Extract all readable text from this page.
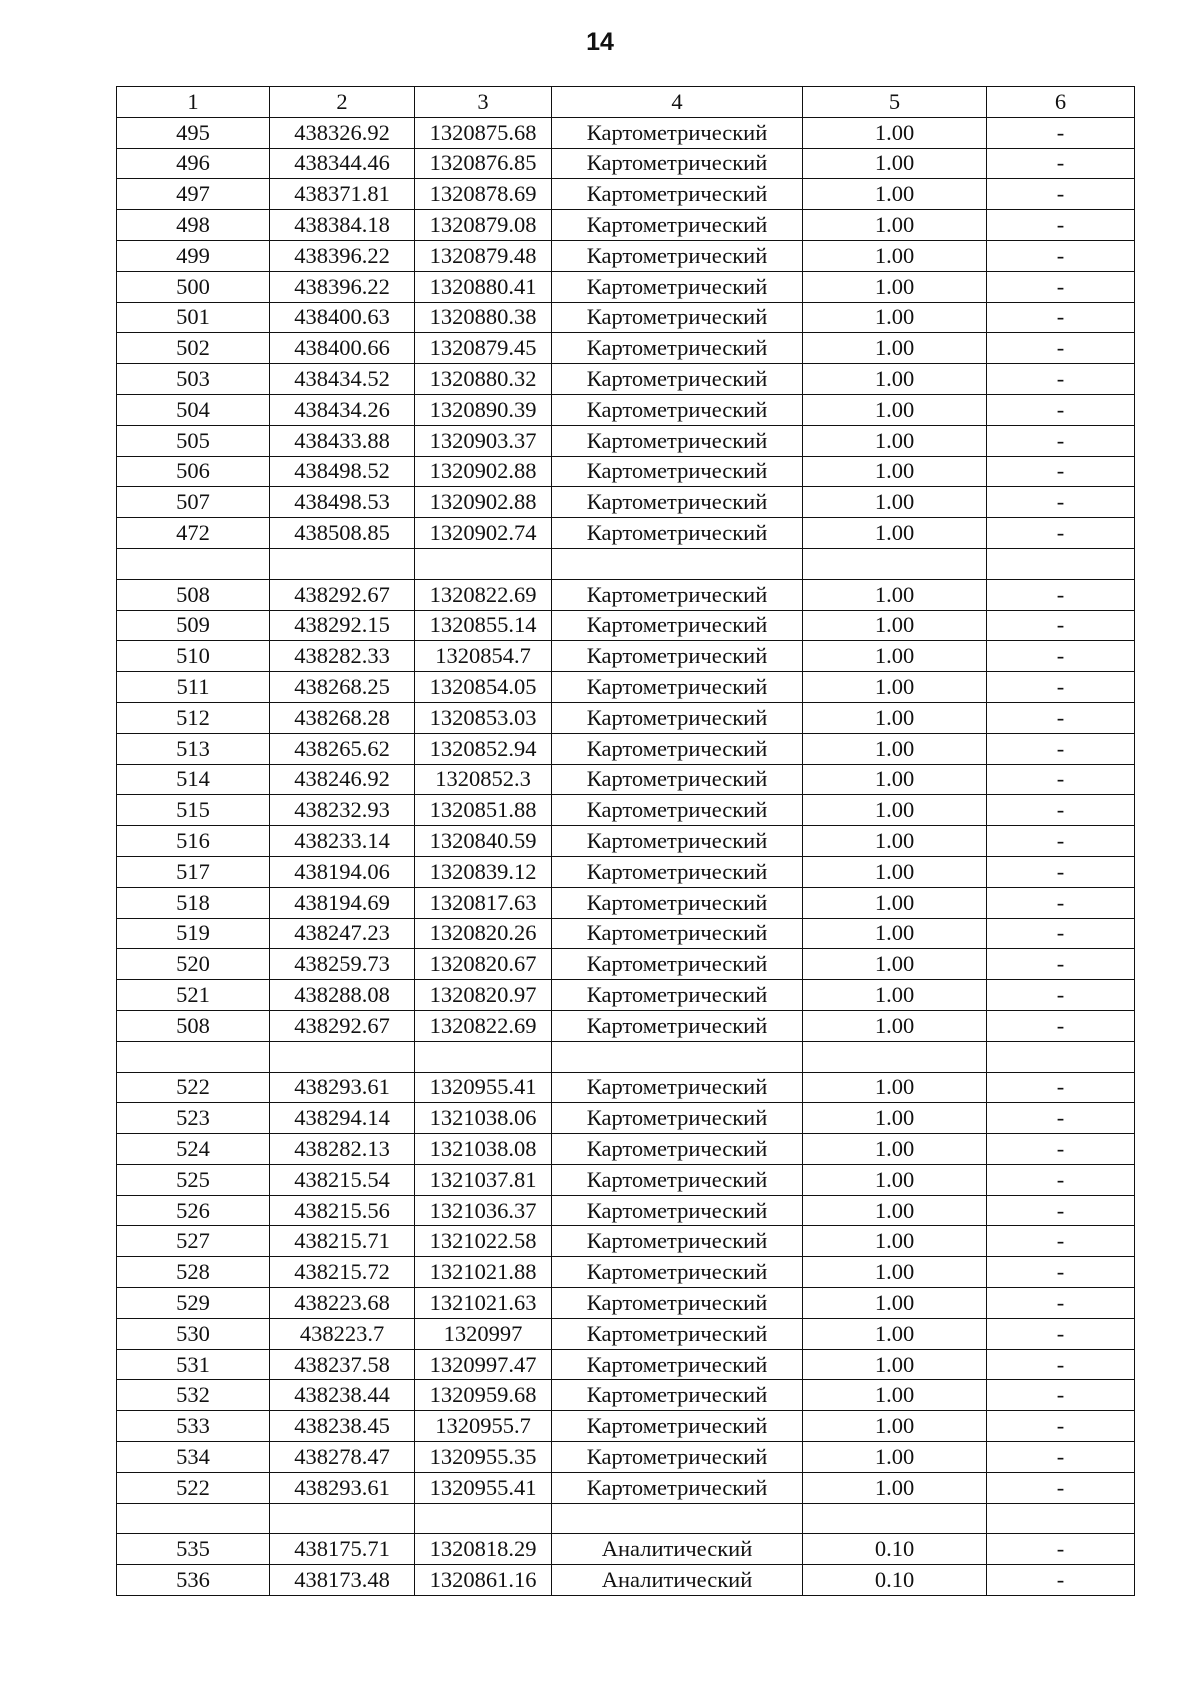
14
1	2	3	4	5	6
495	438326.92	1320875.68	Картометрический	1.00	-
496	438344.46	1320876.85	Картометрический	1.00	-
497	438371.81	1320878.69	Картометрический	1.00	-
498	438384.18	1320879.08	Картометрический	1.00	-
499	438396.22	1320879.48	Картометрический	1.00	-
500	438396.22	1320880.41	Картометрический	1.00	-
501	438400.63	1320880.38	Картометрический	1.00	-
502	438400.66	1320879.45	Картометрический	1.00	-
503	438434.52	1320880.32	Картометрический	1.00	-
504	438434.26	1320890.39	Картометрический	1.00	-
505	438433.88	1320903.37	Картометрический	1.00	-
506	438498.52	1320902.88	Картометрический	1.00	-
507	438498.53	1320902.88	Картометрический	1.00	-
472	438508.85	1320902.74	Картометрический	1.00	-

508	438292.67	1320822.69	Картометрический	1.00	-
509	438292.15	1320855.14	Картометрический	1.00	-
510	438282.33	1320854.7	Картометрический	1.00	-
511	438268.25	1320854.05	Картометрический	1.00	-
512	438268.28	1320853.03	Картометрический	1.00	-
513	438265.62	1320852.94	Картометрический	1.00	-
514	438246.92	1320852.3	Картометрический	1.00	-
515	438232.93	1320851.88	Картометрический	1.00	-
516	438233.14	1320840.59	Картометрический	1.00	-
517	438194.06	1320839.12	Картометрический	1.00	-
518	438194.69	1320817.63	Картометрический	1.00	-
519	438247.23	1320820.26	Картометрический	1.00	-
520	438259.73	1320820.67	Картометрический	1.00	-
521	438288.08	1320820.97	Картометрический	1.00	-
508	438292.67	1320822.69	Картометрический	1.00	-

522	438293.61	1320955.41	Картометрический	1.00	-
523	438294.14	1321038.06	Картометрический	1.00	-
524	438282.13	1321038.08	Картометрический	1.00	-
525	438215.54	1321037.81	Картометрический	1.00	-
526	438215.56	1321036.37	Картометрический	1.00	-
527	438215.71	1321022.58	Картометрический	1.00	-
528	438215.72	1321021.88	Картометрический	1.00	-
529	438223.68	1321021.63	Картометрический	1.00	-
530	438223.7	1320997	Картометрический	1.00	-
531	438237.58	1320997.47	Картометрический	1.00	-
532	438238.44	1320959.68	Картометрический	1.00	-
533	438238.45	1320955.7	Картометрический	1.00	-
534	438278.47	1320955.35	Картометрический	1.00	-
522	438293.61	1320955.41	Картометрический	1.00	-

535	438175.71	1320818.29	Аналитический	0.10	-
536	438173.48	1320861.16	Аналитический	0.10	-
